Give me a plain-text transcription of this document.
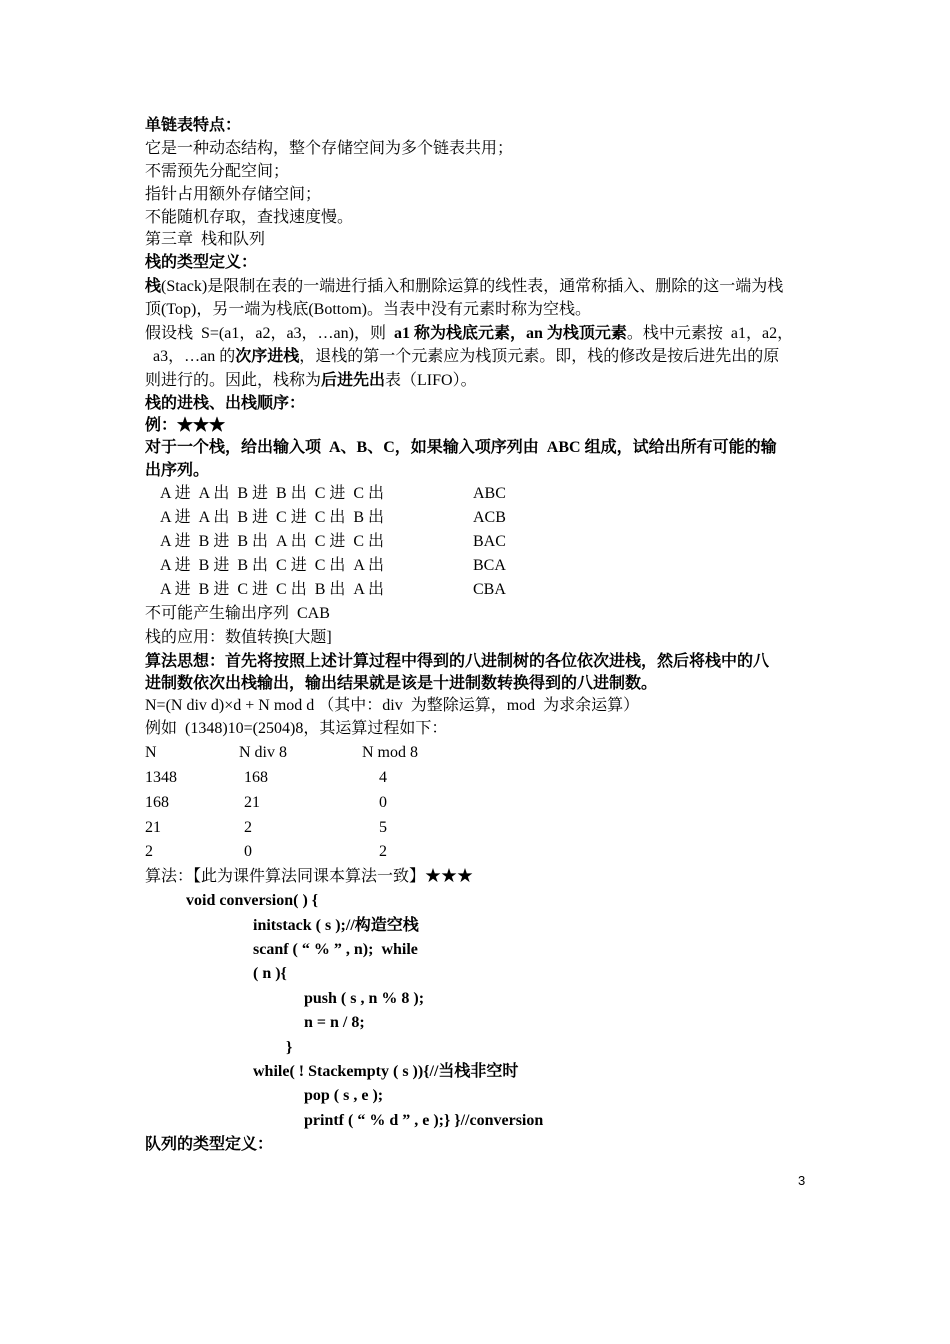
单链表特点：
它是一种动态结构，整个存储空间为多个链表共用；
不需预先分配空间；
指针占用额外存储空间；
不能随机存取，查找速度慢。
第三章  栈和队列
栈的类型定义：
栈(Stack)是限制在表的一端进行插入和删除运算的线性表，通常称插入、删除的这一端为栈
顶(Top)，另一端为栈底(Bottom)。当表中没有元素时称为空栈。
假设栈  S=(a1，a2，a3，…an)，则  a1 称为栈底元素，an 为栈顶元素。栈中元素按  a1，a2，
a3，…an 的次序进栈，退栈的第一个元素应为栈顶元素。即，栈的修改是按后进先出的原
则进行的。因此，栈称为后进先出表（LIFO）。
栈的进栈、出栈顺序：
例：★★★
对于一个栈，给出输入项  A、B、C，如果输入项序列由  ABC 组成，试给出所有可能的输
出序列。
A 进  A 出  B 进  B 出  C 进  C 出	ABC
A 进  A 出  B 进  C 进  C 出  B 出	ACB
A 进  B 进  B 出  A 出  C 进  C 出	BAC
A 进  B 进  B 出  C 进  C 出  A 出	BCA
A 进  B 进  C 进  C 出  B 出  A 出	CBA
不可能产生输出序列  CAB
栈的应用：数值转换[大题]
算法思想：首先将按照上述计算过程中得到的八进制树的各位依次进栈，然后将栈中的八
进制数依次出栈输出，输出结果就是该是十进制数转换得到的八进制数。
N=(N div d)×d + N mod d （其中：div  为整除运算，mod  为求余运算）
例如  (1348)10=(2504)8，其运算过程如下：
N	N div 8	N mod 8
1348	168	4
168	21	0
21	2	5
2	0	2
算法：【此为课件算法同课本算法一致】★★★
void conversion( ) {
initstack ( s );//构造空栈
scanf ( “ % ” , n);  while
( n ){
push ( s , n % 8 );
n = n / 8;
}
while( ! Stackempty ( s )){//当栈非空时
pop ( s , e );
printf ( “ % d ” , e );} }//conversion
队列的类型定义：
3
